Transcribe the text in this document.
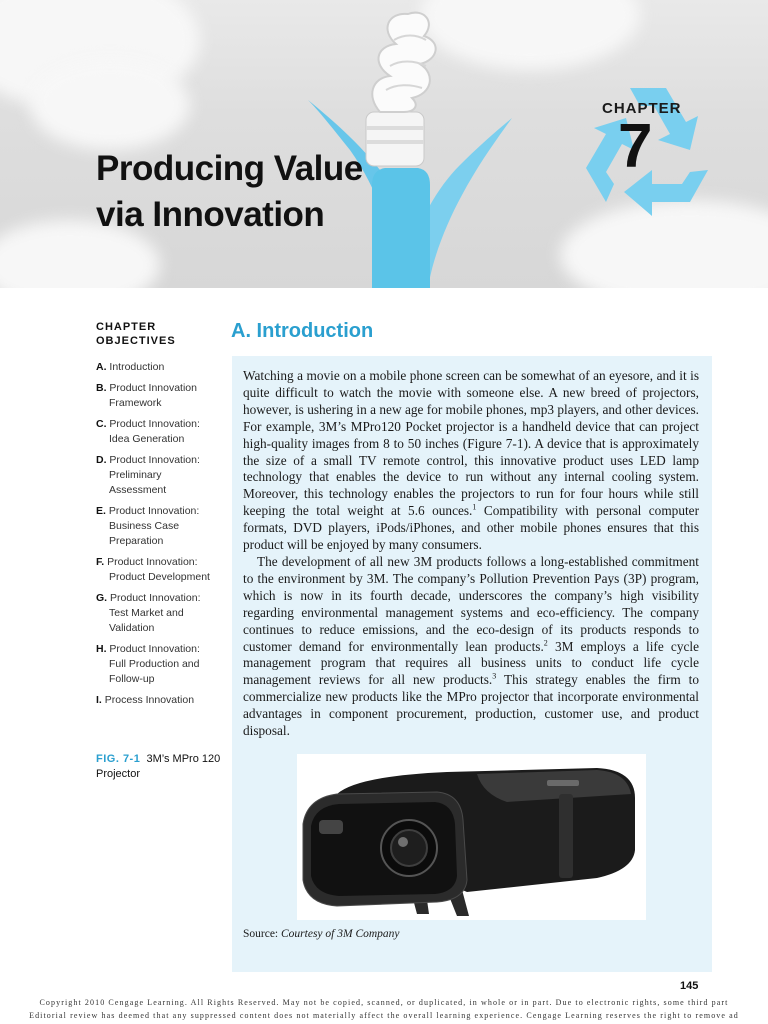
Producing Value
via Innovation
CHAPTER
7
CHAPTER OBJECTIVES
A. Introduction
B. Product Innovation Framework
C. Product Innovation: Idea Generation
D. Product Innovation: Preliminary Assessment
E. Product Innovation: Business Case Preparation
F. Product Innovation: Product Development
G. Product Innovation: Test Market and Validation
H. Product Innovation: Full Production and Follow-up
I. Process Innovation
FIG. 7-1 3M’s MPro 120 Projector
A. Introduction

Watching a movie on a mobile phone screen can be somewhat of an eyesore, and it is quite difficult to watch the movie with someone else. A new breed of projectors, however, is ushering in a new age for mobile phones, mp3 players, and other devices. For example, 3M’s MPro120 Pocket projector is a handheld device that can project high-quality images from 8 to 50 inches (Figure 7-1). A device that is approximately the size of a small TV remote control, this innovative product uses LED lamp technology that enables the device to run without any internal cooling system. Moreover, this technology enables the projectors to run for four hours while still keeping the total weight at 5.6 ounces.$^1$ Compatibility with personal computer formats, DVD players, iPods/iPhones, and other mobile phones ensures that this product will be enjoyed by many consumers.

The development of all new 3M products follows a long-established commitment to the environment by 3M. The company’s Pollution Prevention Pays (3P) program, which is now in its fourth decade, underscores the company’s high visibility regarding environmental management systems and eco-efficiency. The company continues to reduce emissions, and the eco-design of its products responds to customer demand for environmentally lean products.$^2$ 3M employs a life cycle management program that requires all business units to conduct life cycle management reviews for all new products.$^3$ This strategy enables the firm to commercialize new products like the MPro projector that incorporate environmental advantages in component procurement, production, customer use, and product disposal.

Source: Courtesy of 3M Company
145
Copyright 2010 Cengage Learning. All Rights Reserved. May not be copied, scanned, or duplicated, in whole or in part. Due to electronic rights, some third part
Editorial review has deemed that any suppressed content does not materially affect the overall learning experience. Cengage Learning reserves the right to remove ad
